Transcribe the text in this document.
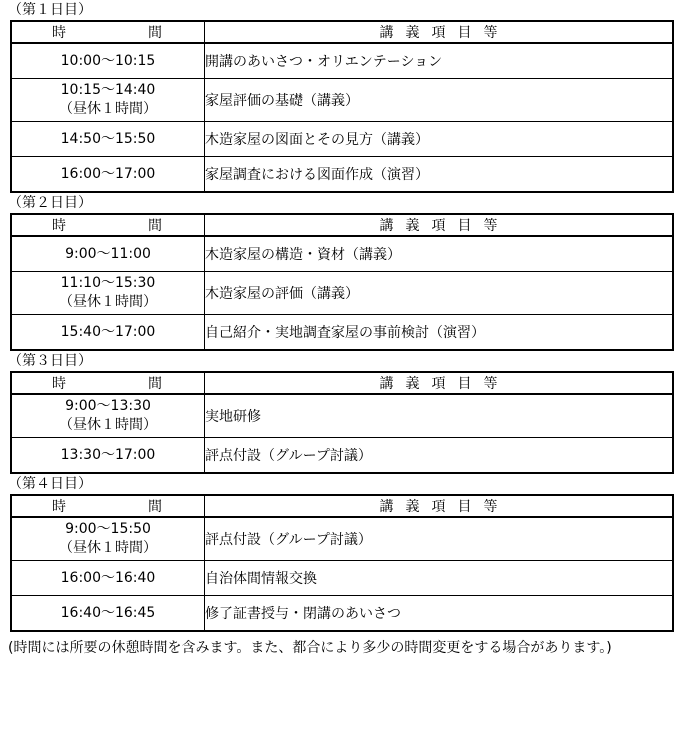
（第１日目）
時 間	講義項目等

10:00～10:15	開講のあいさつ・オリエンテーション

10:15～14:40
（昼休１時間）	家屋評価の基礎（講義）

14:50～15:50	木造家屋の図面とその見方（講義）

16:00～17:00	家屋調査における図面作成（演習）
（第２日目）
時 間	講義項目等

9:00～11:00	木造家屋の構造・資材（講義）

11:10～15:30
（昼休１時間）	木造家屋の評価（講義）

15:40～17:00	自己紹介・実地調査家屋の事前検討（演習）
（第３日目）
時 間	講義項目等

9:00～13:30
（昼休１時間）	実地研修

13:30～17:00	評点付設（グループ討議）
（第４日目）
時 間	講義項目等

9:00～15:50
（昼休１時間）	評点付設（グループ討議）

16:00～16:40	自治体間情報交換

16:40～16:45	修了証書授与・閉講のあいさつ
(時間には所要の休憩時間を含みます。また、都合により多少の時間変更をする場合があります。)
